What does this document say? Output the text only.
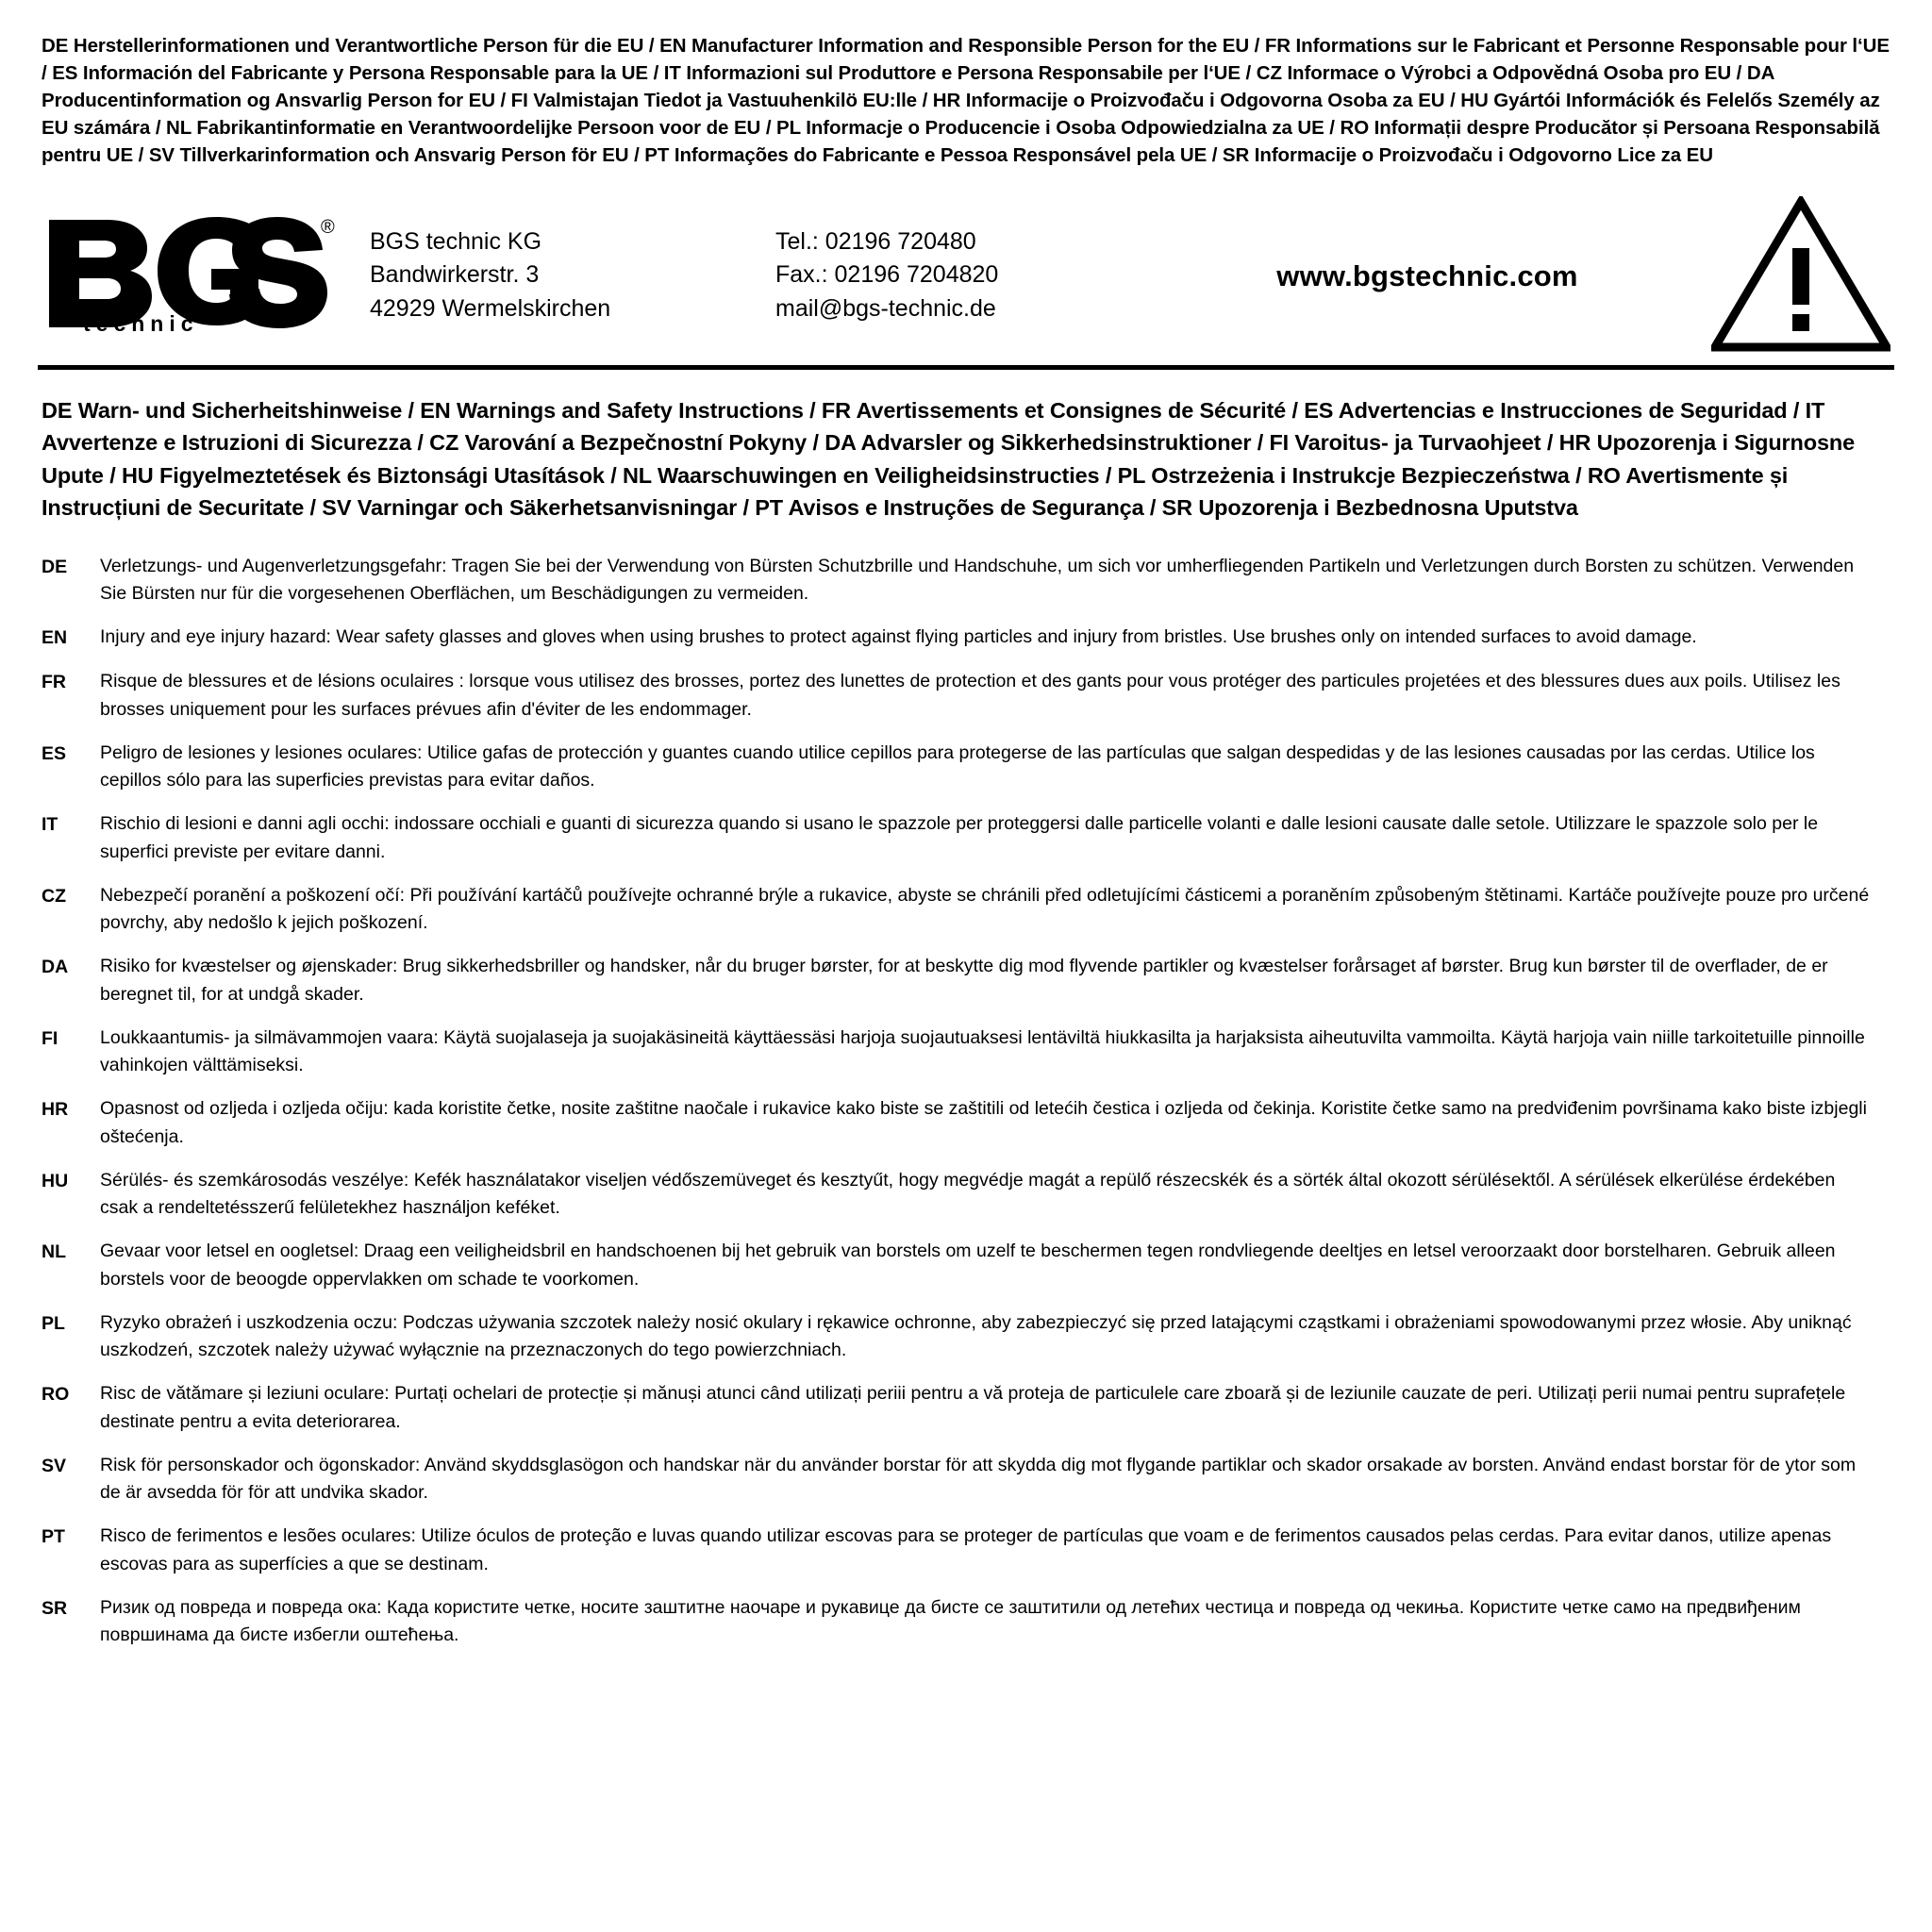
DE Herstellerinformationen und Verantwortliche Person für die EU / EN Manufacturer Information and Responsible Person for the EU / FR Informations sur le Fabricant et Personne Responsable pour l‘UE / ES Información del Fabricante y Persona Responsable para la UE / IT Informazioni sul Produttore e Persona Responsabile per l‘UE / CZ Informace o Výrobci a Odpovědná Osoba pro EU / DA Producentinformation og Ansvarlig Person for EU / FI Valmistajan Tiedot ja Vastuuhenkilö EU:lle / HR Informacije o Proizvođaču i Odgovorna Osoba za EU / HU Gyártói Információk és Felelős Személy az EU számára / NL Fabrikantinformatie en Verantwoordelijke Persoon voor de EU / PL Informacje o Producencie i Osoba Odpowiedzialna za UE / RO Informații despre Producător și Persoana Responsabilă pentru UE / SV Tillverkarinformation och Ansvarig Person för EU / PT Informações do Fabricante e Pessoa Responsável pela UE / SR Informacije o Proizvođaču i Odgovorno Lice za EU
®
technic
BGS technic KG
Bandwirkerstr. 3
42929 Wermelskirchen
Tel.: 02196 720480
Fax.: 02196 7204820
mail@bgs-technic.de
www.bgstechnic.com
DE Warn- und Sicherheitshinweise / EN Warnings and Safety Instructions / FR Avertissements et Consignes de Sécurité / ES Advertencias e Instrucciones de Seguridad / IT Avvertenze e Istruzioni di Sicurezza / CZ Varování a Bezpečnostní Pokyny / DA Advarsler og Sikkerhedsinstruktioner / FI Varoitus- ja Turvaohjeet / HR Upozorenja i Sigurnosne Upute / HU Figyelmeztetések és Biztonsági Utasítások / NL Waarschuwingen en Veiligheidsinstructies / PL Ostrzeżenia i Instrukcje Bezpieczeństwa / RO Avertismente și Instrucțiuni de Securitate / SV Varningar och Säkerhetsanvisningar / PT Avisos e Instruções de Segurança / SR Upozorenja i Bezbednosna Uputstva
DE	Verletzungs- und Augenverletzungsgefahr: Tragen Sie bei der Verwendung von Bürsten Schutzbrille und Handschuhe, um sich vor umherfliegenden Partikeln und Verletzungen durch Borsten zu schützen. Verwenden Sie Bürsten nur für die vorgesehenen Oberflächen, um Beschädigungen zu vermeiden.
EN	Injury and eye injury hazard: Wear safety glasses and gloves when using brushes to protect against flying particles and injury from bristles. Use brushes only on intended surfaces to avoid damage.
FR	Risque de blessures et de lésions oculaires : lorsque vous utilisez des brosses, portez des lunettes de protection et des gants pour vous protéger des particules projetées et des blessures dues aux poils. Utilisez les brosses uniquement pour les surfaces prévues afin d'éviter de les endommager.
ES	Peligro de lesiones y lesiones oculares: Utilice gafas de protección y guantes cuando utilice cepillos para protegerse de las partículas que salgan despedidas y de las lesiones causadas por las cerdas. Utilice los cepillos sólo para las superficies previstas para evitar daños.
IT	Rischio di lesioni e danni agli occhi: indossare occhiali e guanti di sicurezza quando si usano le spazzole per proteggersi dalle particelle volanti e dalle lesioni causate dalle setole. Utilizzare le spazzole solo per le superfici previste per evitare danni.
CZ	Nebezpečí poranění a poškození očí: Při používání kartáčů používejte ochranné brýle a rukavice, abyste se chránili před odletujícími částicemi a poraněním způsobeným štětinami. Kartáče používejte pouze pro určené povrchy, aby nedošlo k jejich poškození.
DA	Risiko for kvæstelser og øjenskader: Brug sikkerhedsbriller og handsker, når du bruger børster, for at beskytte dig mod flyvende partikler og kvæstelser forårsaget af børster. Brug kun børster til de overflader, de er beregnet til, for at undgå skader.
FI	Loukkaantumis- ja silmävammojen vaara: Käytä suojalaseja ja suojakäsineitä käyttäessäsi harjoja suojautuaksesi lentäviltä hiukkasilta ja harjaksista aiheutuvilta vammoilta. Käytä harjoja vain niille tarkoitetuille pinnoille vahinkojen välttämiseksi.
HR	Opasnost od ozljeda i ozljeda očiju: kada koristite četke, nosite zaštitne naočale i rukavice kako biste se zaštitili od letećih čestica i ozljeda od čekinja. Koristite četke samo na predviđenim površinama kako biste izbjegli oštećenja.
HU	Sérülés- és szemkárosodás veszélye: Kefék használatakor viseljen védőszemüveget és kesztyűt, hogy megvédje magát a repülő részecskék és a sörték által okozott sérülésektől. A sérülések elkerülése érdekében csak a rendeltetésszerű felületekhez használjon keféket.
NL	Gevaar voor letsel en oogletsel: Draag een veiligheidsbril en handschoenen bij het gebruik van borstels om uzelf te beschermen tegen rondvliegende deeltjes en letsel veroorzaakt door borstelharen. Gebruik alleen borstels voor de beoogde oppervlakken om schade te voorkomen.
PL	Ryzyko obrażeń i uszkodzenia oczu: Podczas używania szczotek należy nosić okulary i rękawice ochronne, aby zabezpieczyć się przed latającymi cząstkami i obrażeniami spowodowanymi przez włosie. Aby uniknąć uszkodzeń, szczotek należy używać wyłącznie na przeznaczonych do tego powierzchniach.
RO	Risc de vătămare și leziuni oculare: Purtați ochelari de protecție și mănuși atunci când utilizați periii pentru a vă proteja de particulele care zboară și de leziunile cauzate de peri. Utilizați perii numai pentru suprafețele destinate pentru a evita deteriorarea.
SV	Risk för personskador och ögonskador: Använd skyddsglasögon och handskar när du använder borstar för att skydda dig mot flygande partiklar och skador orsakade av borsten. Använd endast borstar för de ytor som de är avsedda för för att undvika skador.
PT	Risco de ferimentos e lesões oculares: Utilize óculos de proteção e luvas quando utilizar escovas para se proteger de partículas que voam e de ferimentos causados pelas cerdas. Para evitar danos, utilize apenas escovas para as superfícies a que se destinam.
SR	Ризик од повреда и повреда ока: Када користите четке, носите заштитне наочаре и рукавице да бисте се заштитили од летећих честица и повреда од чекиња. Користите четке само на предвиђеним површинама да бисте избегли оштећења.
